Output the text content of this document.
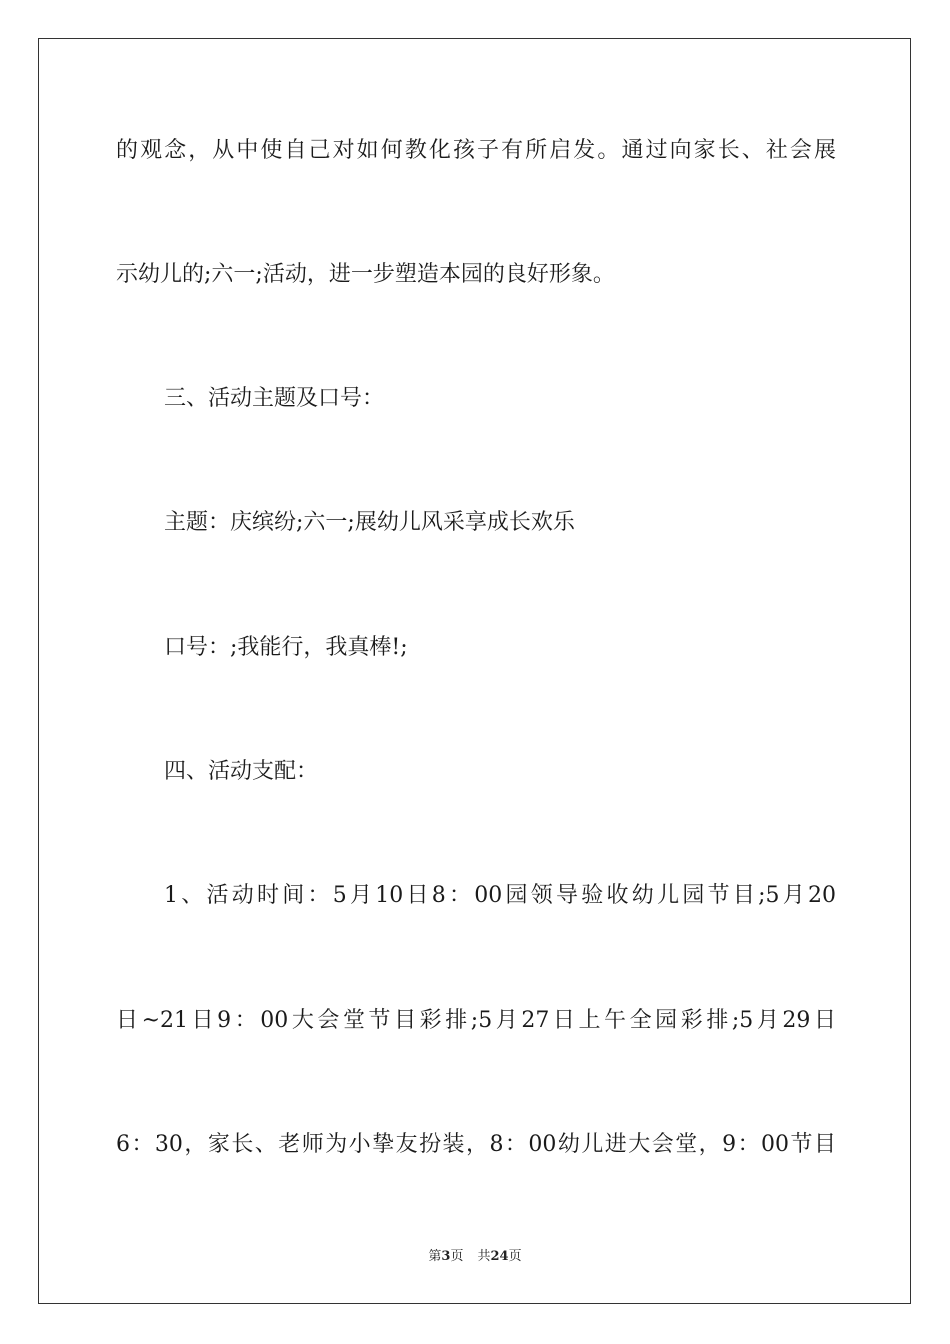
的观念，从中使自己对如何教化孩子有所启发。通过向家长、社会展
示幼儿的;六一;活动，进一步塑造本园的良好形象。
三、活动主题及口号：
主题：庆缤纷;六一;展幼儿风采享成长欢乐
口号：;我能行，我真棒!;
四、活动支配：
1、活动时间：5月10日8：00园领导验收幼儿园节目;5月20
日~21日9：00大会堂节目彩排;5月27日上午全园彩排;5月29日
6：30，家长、老师为小挚友扮装，8：00幼儿进大会堂，9：00节目
第3页 共24页
